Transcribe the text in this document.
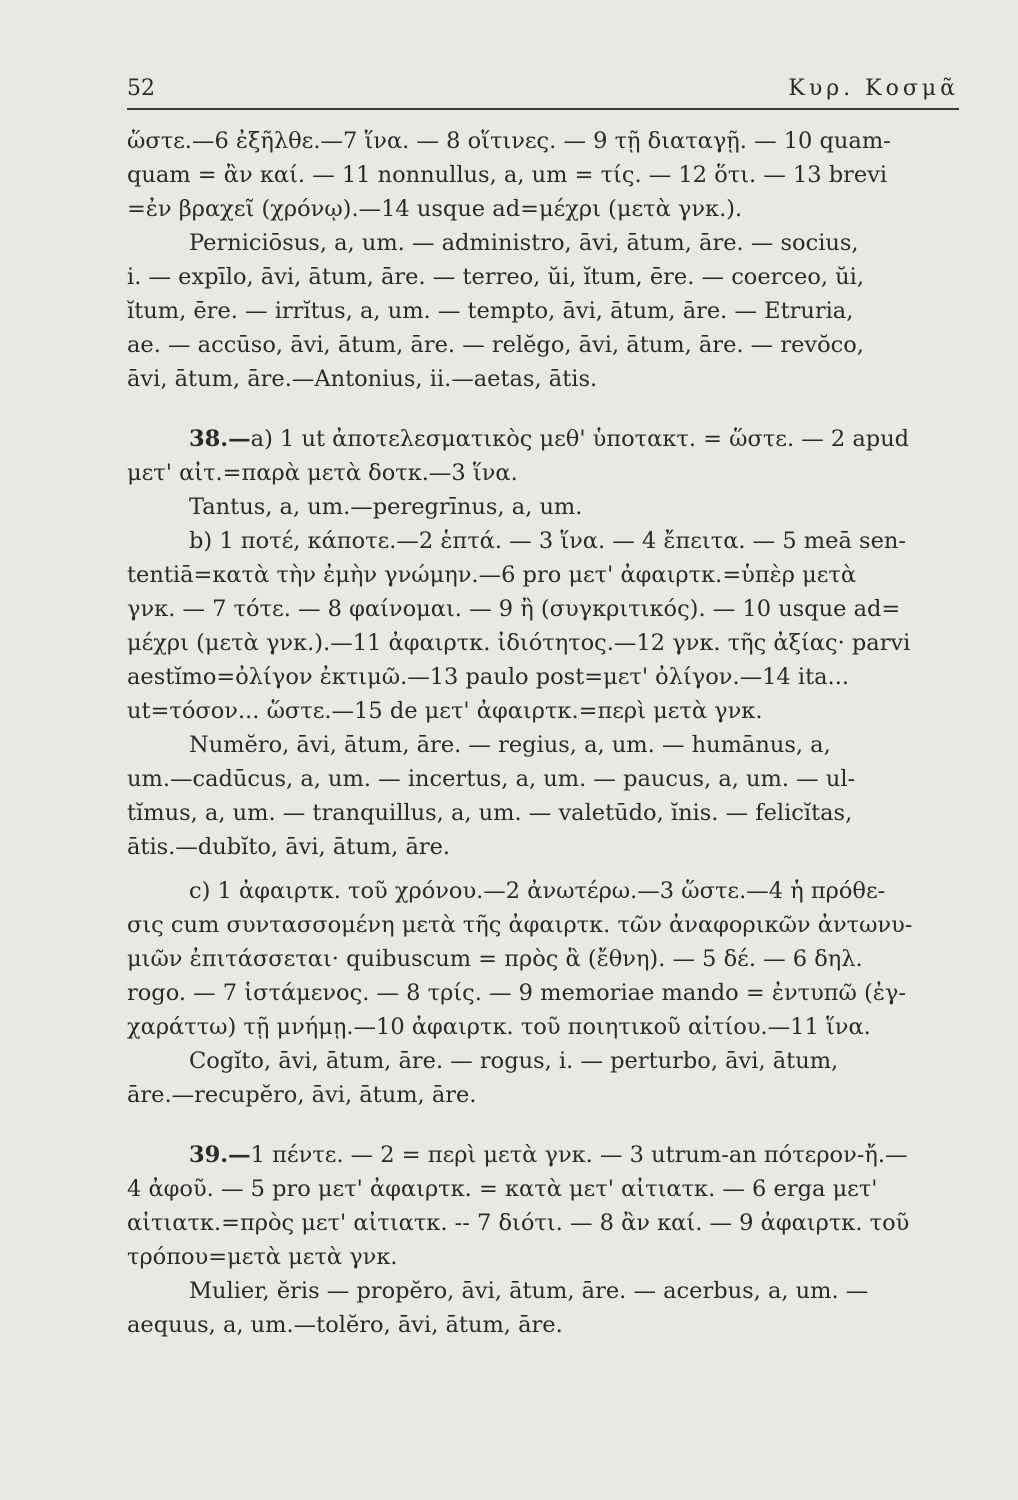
52	Κυρ. Κοσμᾶ
ὥστε.—6 ἐξῆλθε.—7 ἵνα. — 8 οἵτινες. — 9 τῇ διαταγῇ. — 10 quam-
quam = ἂν καί. — 11 nonnullus, a, um = τίς. — 12 ὅτι. — 13 brevi
=ἐν βραχεῖ (χρόνῳ).—14 usque ad=μέχρι (μετὰ γνκ.).
Perniciōsus, a, um. — administro, āvi, ātum, āre. — socius,
i. — expīlo, āvi, ātum, āre. — terreo, ŭi, ĭtum, ēre. — coerceo, ŭi,
ĭtum, ēre. — irrĭtus, a, um. — tempto, āvi, ātum, āre. — Etruria,
ae. — accūso, āvi, ātum, āre. — relĕgo, āvi, ātum, āre. — revŏco,
āvi, ātum, āre.—Antonius, ii.—aetas, ātis.
38.—a) 1 ut ἀποτελεσματικὸς μεθ' ὑποτακτ. = ὥστε. — 2 apud
μετ' αἰτ.=παρὰ μετὰ δοτκ.—3 ἵνα.
Tantus, a, um.—peregrīnus, a, um.
b) 1 ποτέ, κάποτε.—2 ἑπτά. — 3 ἵνα. — 4 ἔπειτα. — 5 meā sen-
tentiā=κατὰ τὴν ἐμὴν γνώμην.—6 pro μετ' ἀφαιρτκ.=ὑπὲρ μετὰ
γνκ. — 7 τότε. — 8 φαίνομαι. — 9 ἢ (συγκριτικός). — 10 usque ad=
μέχρι (μετὰ γνκ.).—11 ἀφαιρτκ. ἰδιότητος.—12 γνκ. τῆς ἀξίας· parvi
aestĭmo=ὀλίγον ἐκτιμῶ.—13 paulo post=μετ' ὀλίγον.—14 ita...
ut=τόσον... ὥστε.—15 de μετ' ἀφαιρτκ.=περὶ μετὰ γνκ.
Numĕro, āvi, ātum, āre. — regius, a, um. — humānus, a,
um.—cadūcus, a, um. — incertus, a, um. — paucus, a, um. — ul-
tĭmus, a, um. — tranquillus, a, um. — valetūdo, ĭnis. — felicĭtas,
ātis.—dubĭto, āvi, ātum, āre.
c) 1 ἀφαιρτκ. τοῦ χρόνου.—2 ἀνωτέρω.—3 ὥστε.—4 ἡ πρόθε-
σις cum συντασσομένη μετὰ τῆς ἀφαιρτκ. τῶν ἀναφορικῶν ἀντωνυ-
μιῶν ἐπιτάσσεται· quibuscum = πρὸς ἃ (ἔθνη). — 5 δέ. — 6 δηλ.
rogo. — 7 ἱστάμενος. — 8 τρίς. — 9 memoriae mando = ἐντυπῶ (ἐγ-
χαράττω) τῇ μνήμῃ.—10 ἀφαιρτκ. τοῦ ποιητικοῦ αἰτίου.—11 ἵνα.
Cogĭto, āvi, ātum, āre. — rogus, i. — perturbo, āvi, ātum,
āre.—recupĕro, āvi, ātum, āre.
39.—1 πέντε. — 2 = περὶ μετὰ γνκ. — 3 utrum-an πότερον-ἤ.—
4 ἀφοῦ. — 5 pro μετ' ἀφαιρτκ. = κατὰ μετ' αἰτιατκ. — 6 erga μετ'
αἰτιατκ.=πρὸς μετ' αἰτιατκ. -- 7 διότι. — 8 ἂν καί. — 9 ἀφαιρτκ. τοῦ
τρόπου=μετὰ μετὰ γνκ.
Mulier, ĕris — propĕro, āvi, ātum, āre. — acerbus, a, um. —
aequus, a, um.—tolĕro, āvi, ātum, āre.
